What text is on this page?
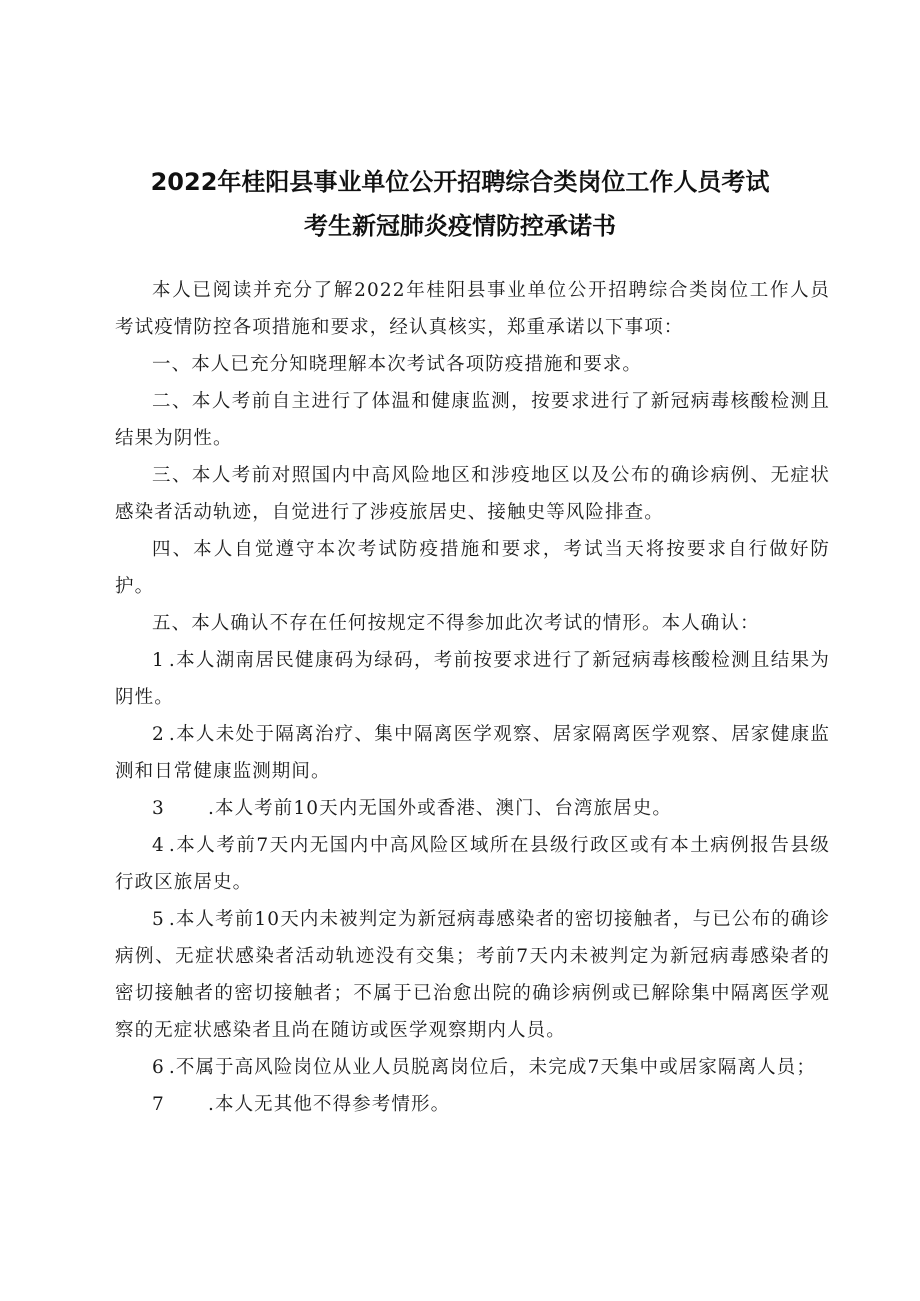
2022年桂阳县事业单位公开招聘综合类岗位工作人员考试
考生新冠肺炎疫情防控承诺书

本人已阅读并充分了解2022年桂阳县事业单位公开招聘综合类岗位工作人员考试疫情防控各项措施和要求，经认真核实，郑重承诺以下事项：

一、本人已充分知晓理解本次考试各项防疫措施和要求。

二、本人考前自主进行了体温和健康监测，按要求进行了新冠病毒核酸检测且结果为阴性。

三、本人考前对照国内中高风险地区和涉疫地区以及公布的确诊病例、无症状感染者活动轨迹，自觉进行了涉疫旅居史、接触史等风险排查。

四、本人自觉遵守本次考试防疫措施和要求，考试当天将按要求自行做好防护。

五、本人确认不存在任何按规定不得参加此次考试的情形。本人确认：

1 .本人湖南居民健康码为绿码，考前按要求进行了新冠病毒核酸检测且结果为阴性。

2 .本人未处于隔离治疗、集中隔离医学观察、居家隔离医学观察、居家健康监测和日常健康监测期间。

3 .本人考前10天内无国外或香港、澳门、台湾旅居史。

4 .本人考前7天内无国内中高风险区域所在县级行政区或有本土病例报告县级行政区旅居史。

5 .本人考前10天内未被判定为新冠病毒感染者的密切接触者，与已公布的确诊病例、无症状感染者活动轨迹没有交集；考前7天内未被判定为新冠病毒感染者的密切接触者的密切接触者；不属于已治愈出院的确诊病例或已解除集中隔离医学观察的无症状感染者且尚在随访或医学观察期内人员。

6 .不属于高风险岗位从业人员脱离岗位后，未完成7天集中或居家隔离人员；

7 .本人无其他不得参考情形。
